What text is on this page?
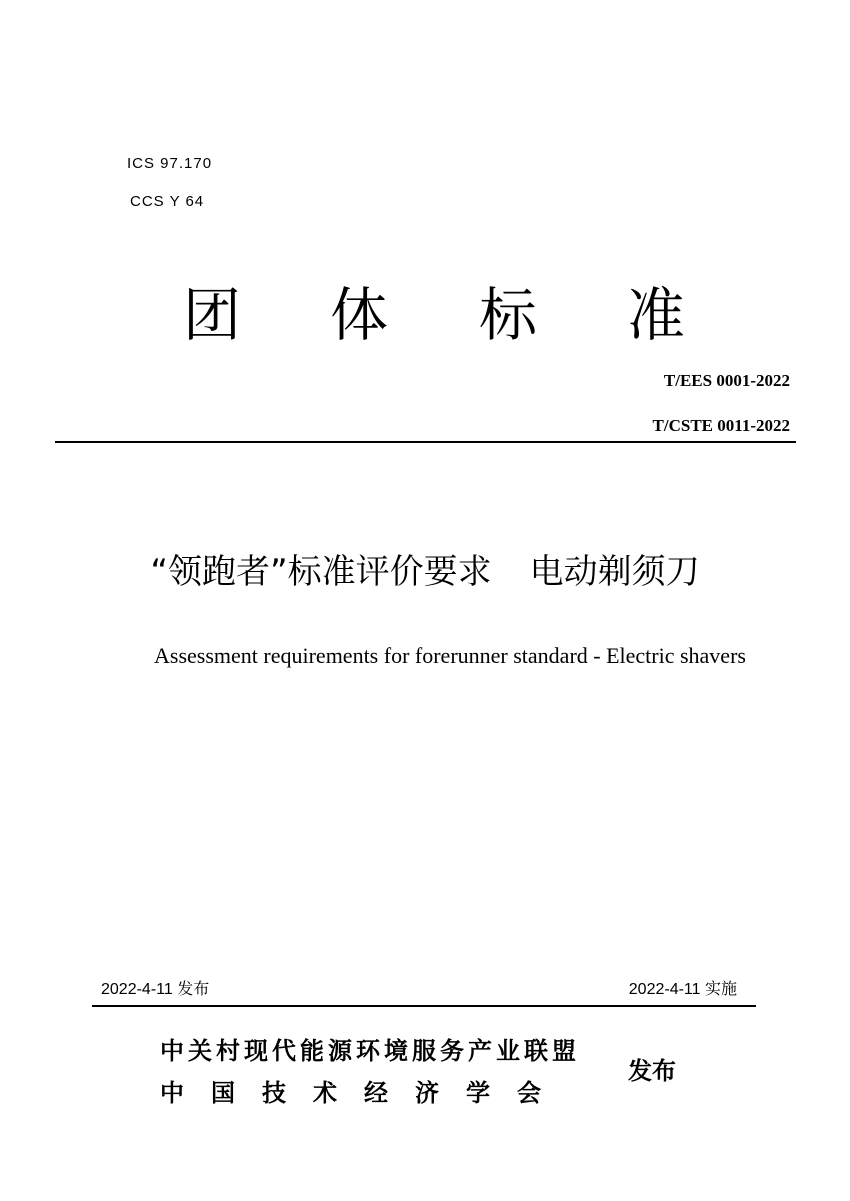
ICS 97.170
CCS Y 64
团 体 标 准
T/EES 0001-2022
T/CSTE 0011-2022
“领跑者”标准评价要求 电动剃须刀
Assessment requirements for forerunner standard - Electric shavers
2022-4-11 发布	2022-4-11 实施
中关村现代能源环境服务产业联盟
中国技术经济学会
发布
